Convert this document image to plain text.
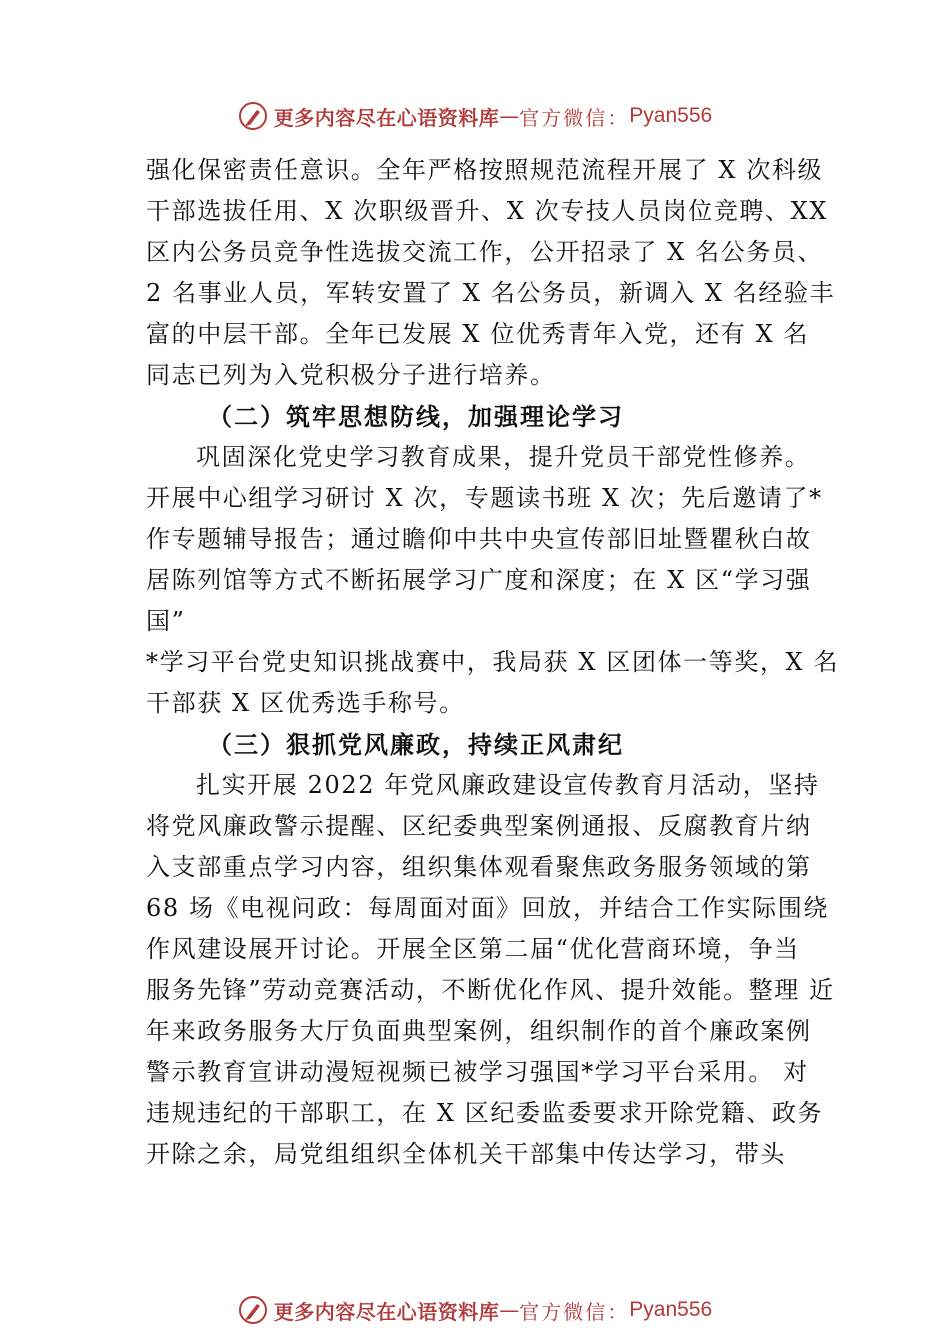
更多内容尽在心语资料库 — 官方微信： Pyan556
强化保密责任意识。全年严格按照规范流程开展了 X 次科级
干部选拔任用、X 次职级晋升、X 次专技人员岗位竞聘、XX
区内公务员竞争性选拔交流工作，公开招录了 X 名公务员、
2 名事业人员，军转安置了 X 名公务员，新调入 X 名经验丰
富的中层干部。全年已发展 X 位优秀青年入党，还有 X 名
同志已列为入党积极分子进行培养。
（二）筑牢思想防线，加强理论学习
巩固深化党史学习教育成果，提升党员干部党性修养。
开展中心组学习研讨 X 次，专题读书班 X 次；先后邀请了*
作专题辅导报告；通过瞻仰中共中央宣传部旧址暨瞿秋白故
居陈列馆等方式不断拓展学习广度和深度；在 X 区“学习强
国”
*学习平台党史知识挑战赛中，我局获 X 区团体一等奖，X 名
干部获 X 区优秀选手称号。
（三）狠抓党风廉政，持续正风肃纪
扎实开展 2022 年党风廉政建设宣传教育月活动，坚持
将党风廉政警示提醒、区纪委典型案例通报、反腐教育片纳
入支部重点学习内容，组织集体观看聚焦政务服务领域的第
68 场《电视问政：每周面对面》回放，并结合工作实际围绕
作风建设展开讨论。开展全区第二届“优化营商环境，争当
服务先锋”劳动竞赛活动，不断优化作风、提升效能。整理 近
年来政务服务大厅负面典型案例，组织制作的首个廉政案例
警示教育宣讲动漫短视频已被学习强国*学习平台采用。 对
违规违纪的干部职工，在 X 区纪委监委要求开除党籍、政务
开除之余，局党组组织全体机关干部集中传达学习，带头
更多内容尽在心语资料库 — 官方微信： Pyan556
